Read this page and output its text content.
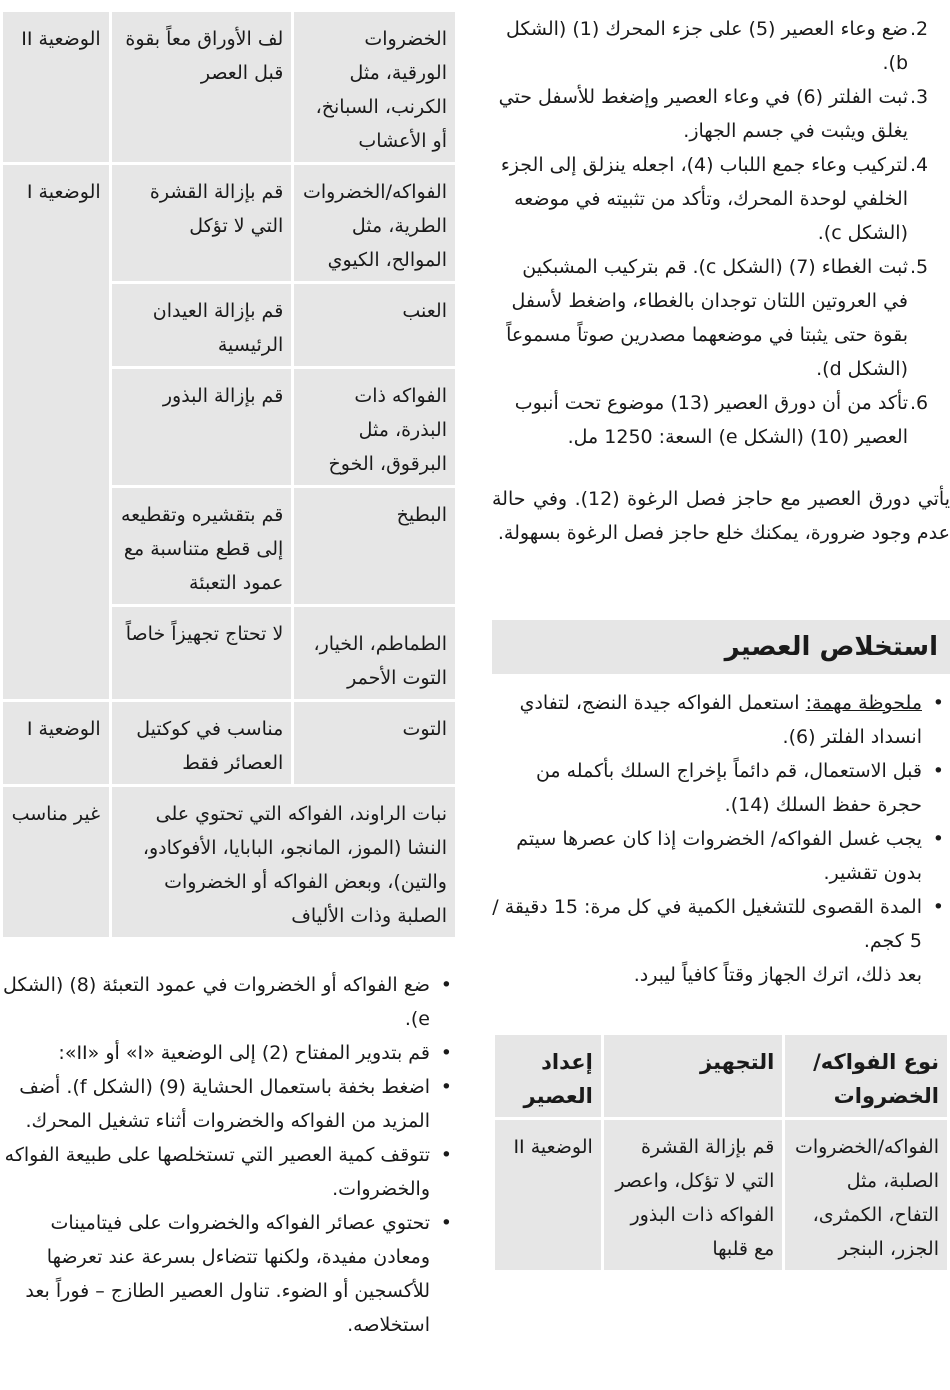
.2
ضع وعاء العصير (5) على جزء المحرك (1) (الشكل b).
.3
ثبت الفلتر (6) في وعاء العصير وإضغط للأسفل حتي يغلق ويثبت في جسم الجهاز.
.4
لتركيب وعاء جمع اللباب (4)، اجعله ينزلق إلى الجزء الخلفي لوحدة المحرك، وتأكد من تثبيته في موضعه (الشكل c).
.5
ثبت الغطاء (7) (الشكل c). قم بتركيب المشبكين في العروتين اللتان توجدان بالغطاء، واضغط لأسفل بقوة حتى يثبتا في موضعهما مصدرين صوتاً مسموعاً (الشكل d).
.6
تأكد من أن دورق العصير (13) موضوع تحت أنبوب العصير (10) (الشكل e) السعة: 1250 مل.

يأتي دورق العصير مع حاجز فصل الرغوة (12). وفي حالة عدم وجود ضرورة، يمكنك خلع حاجز فصل الرغوة بسهولة.

استخلاص العصير
•
ملحوظة مهمة: استعمل الفواكه جيدة النضج، لتفادي انسداد الفلتر (6).
•
قبل الاستعمال، قم دائماً بإخراج السلك بأكمله من حجرة حفظ السلك (14).
•
يجب غسل الفواكه/ الخضروات إذا كان عصرها سيتم بدون تقشير.
•
المدة القصوى للتشغيل الكمية في كل مرة: 15 دقيقة / 5 كجم.
بعد ذلك، اترك الجهاز وقتاً كافياً ليبرد.
نوع الفواكه/ الخضروات	التجهيز	إعداد العصير
الفواكه/الخضروات الصلبة، مثل التفاح، الكمثرى، الجزر، البنجر	قم بإزالة القشرة التي لا تؤكل، واعصر الفواكه ذات البذور مع قلبها	الوضعية II
الخضروات الورقية، مثل الكرنب، السبانخ، أو الأعشاب	لف الأوراق معاً بقوة قبل العصر	الوضعية II
الفواكه/الخضروات الطرية، مثل الموالح، الكيوي	قم بإزالة القشرة التي لا تؤكل	الوضعية I
العنب	قم بإزالة العيدان الرئيسية	
الفواكه ذات البذرة، مثل البرقوق، الخوخ	قم بإزالة البذور	
البطيخ	قم بتقشيره وتقطيعه إلى قطع متناسبة مع عمود التعبئة	
الطماطم، الخيار، التوت الأحمر	لا تحتاج تجهيزاً خاصاً	
التوت	مناسب في كوكتيل العصائر فقط	الوضعية I
نبات الراوند، الفواكه التي تحتوي على النشا (الموز، المانجو، البابايا، الأفوكادو، والتين)، وبعض الفواكه أو الخضروات الصلبة وذات الألياف		غير مناسب
•
ضع الفواكه أو الخضروات في عمود التعبئة (8) (الشكل e).
•
قم بتدوير المفتاح (2) إلى الوضعية «I» أو «II»:
•
اضغط بخفة باستعمال الحشاية (9) (الشكل f). أضف المزيد من الفواكه والخضروات أثناء تشغيل المحرك.
•
تتوقف كمية العصير التي تستخلصها على طبيعة الفواكه والخضروات.
•
تحتوي عصائر الفواكه والخضروات على فيتامينات ومعادن مفيدة، ولكنها تتضاءل بسرعة عند تعرضها للأكسجين أو الضوء. تناول العصير الطازج – فوراً بعد استخلاصه.
